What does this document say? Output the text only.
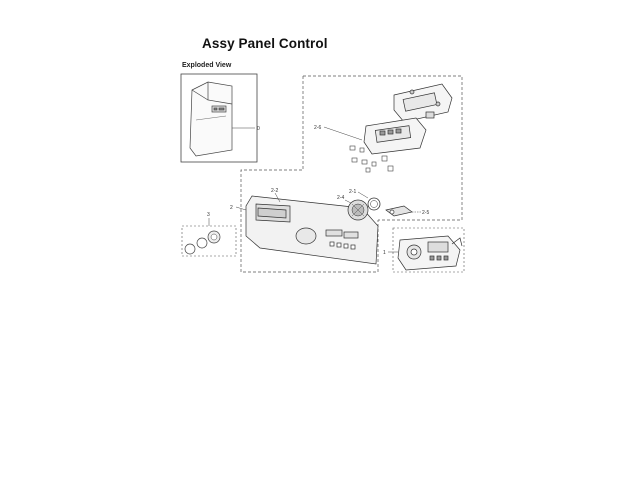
Assy Panel Control
Exploded View
0	2-6
2
2-2
3
2-4
2-1
2-5
1
